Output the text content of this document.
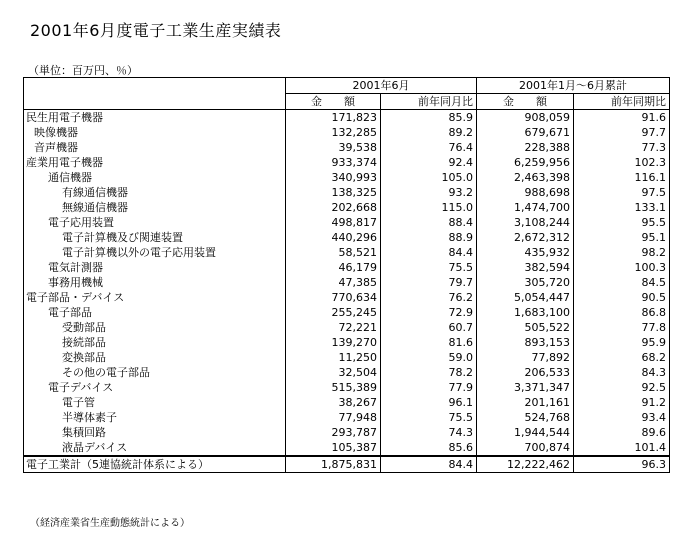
2001年6月度電子工業生産実績表
（単位：百万円、％）
	2001年6月		2001年1月～6月累計	
	金　　額	前年同月比	金　　額	前年同期比
民生用電子機器	171,823	85.9	908,059	91.6
映像機器	132,285	89.2	679,671	97.7
音声機器	39,538	76.4	228,388	77.3
産業用電子機器	933,374	92.4	6,259,956	102.3
通信機器	340,993	105.0	2,463,398	116.1
有線通信機器	138,325	93.2	988,698	97.5
無線通信機器	202,668	115.0	1,474,700	133.1
電子応用装置	498,817	88.4	3,108,244	95.5
電子計算機及び関連装置	440,296	88.9	2,672,312	95.1
電子計算機以外の電子応用装置	58,521	84.4	435,932	98.2
電気計測器	46,179	75.5	382,594	100.3
事務用機械	47,385	79.7	305,720	84.5
電子部品・デバイス	770,634	76.2	5,054,447	90.5
電子部品	255,245	72.9	1,683,100	86.8
受動部品	72,221	60.7	505,522	77.8
接続部品	139,270	81.6	893,153	95.9
変換部品	11,250	59.0	77,892	68.2
その他の電子部品	32,504	78.2	206,533	84.3
電子デバイス	515,389	77.9	3,371,347	92.5
電子管	38,267	96.1	201,161	91.2
半導体素子	77,948	75.5	524,768	93.4
集積回路	293,787	74.3	1,944,544	89.6
液晶デバイス	105,387	85.6	700,874	101.4
電子工業計（5連協統計体系による）	1,875,831	84.4	12,222,462	96.3
（経済産業省生産動態統計による）
